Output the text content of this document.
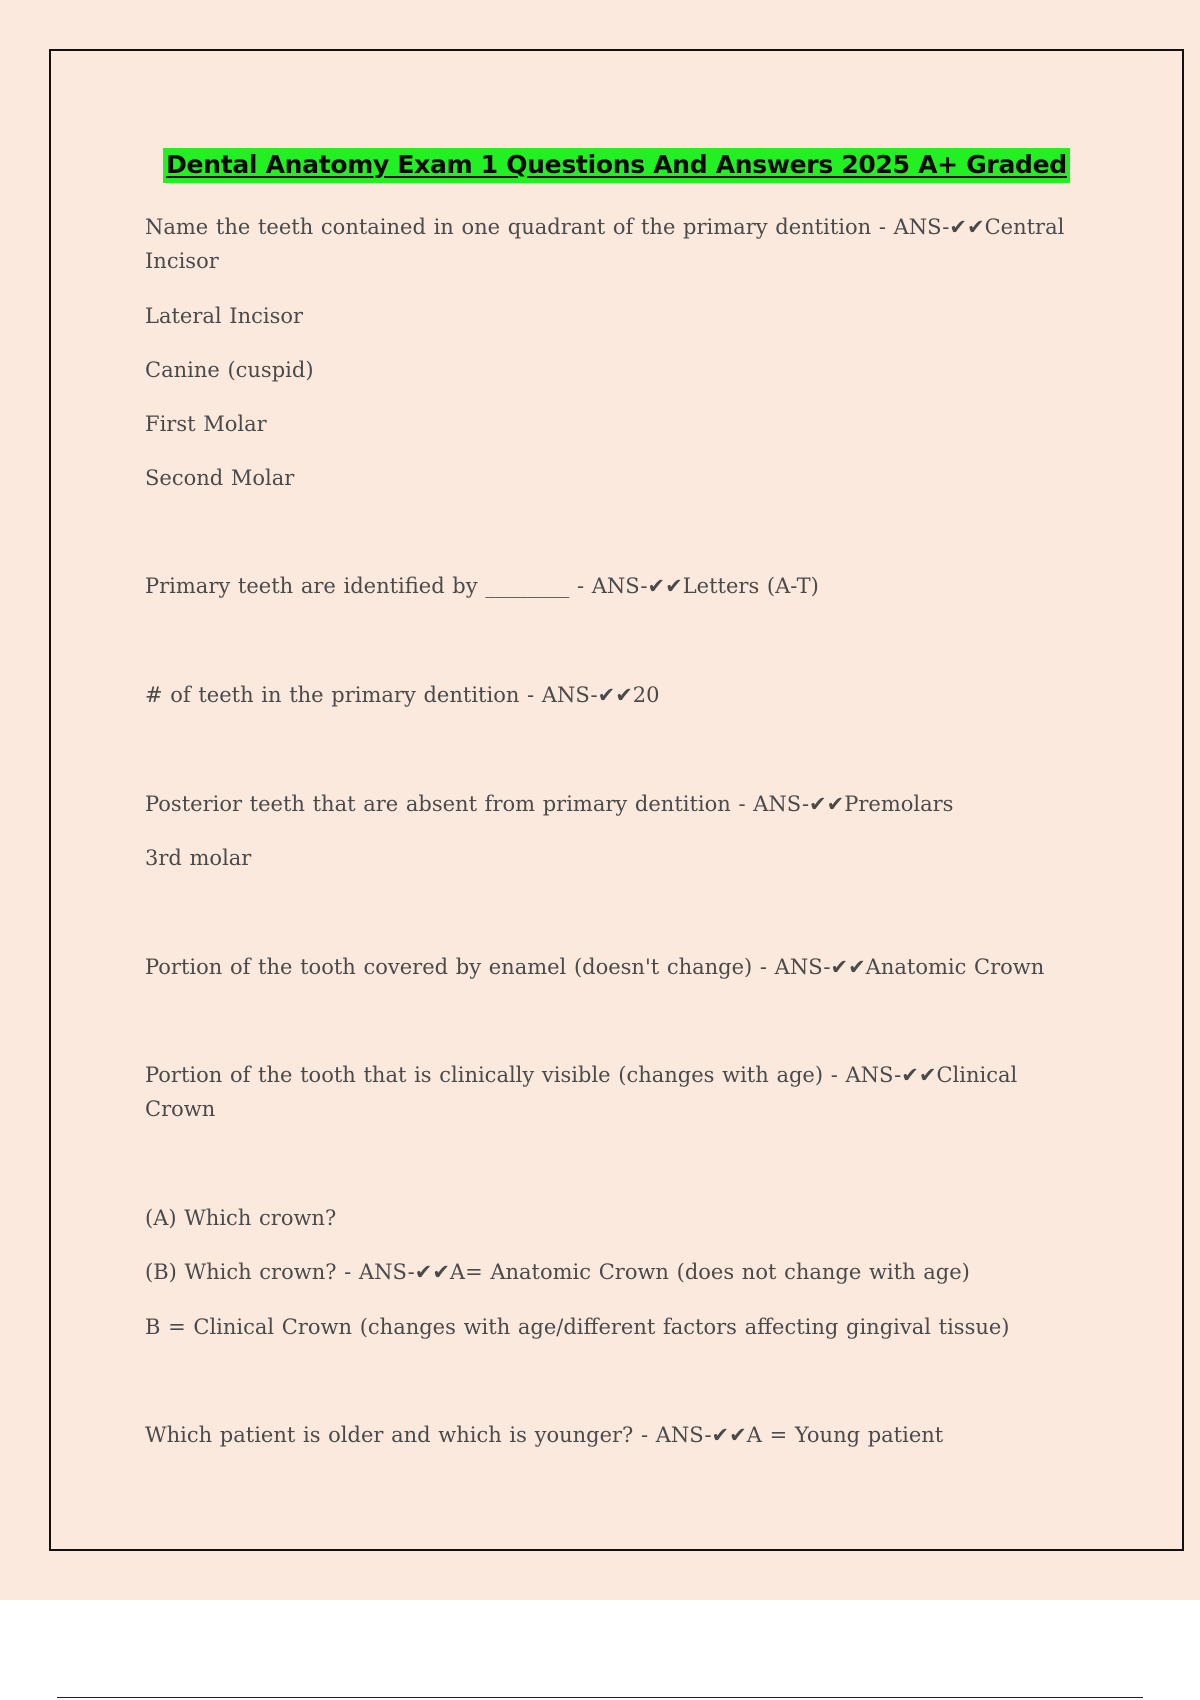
Dental Anatomy Exam 1 Questions And Answers 2025 A+ Graded
Name the teeth contained in one quadrant of the primary dentition - ANS-✔✔Central Incisor
Lateral Incisor
Canine (cuspid)
First Molar
Second Molar
Primary teeth are identified by ________ - ANS-✔✔Letters (A-T)
# of teeth in the primary dentition - ANS-✔✔20
Posterior teeth that are absent from primary dentition - ANS-✔✔Premolars
3rd molar
Portion of the tooth covered by enamel (doesn't change) - ANS-✔✔Anatomic Crown
Portion of the tooth that is clinically visible (changes with age) - ANS-✔✔Clinical Crown
(A) Which crown?
(B) Which crown? - ANS-✔✔A= Anatomic Crown (does not change with age)
B = Clinical Crown (changes with age/different factors affecting gingival tissue)
Which patient is older and which is younger? - ANS-✔✔A = Young patient
